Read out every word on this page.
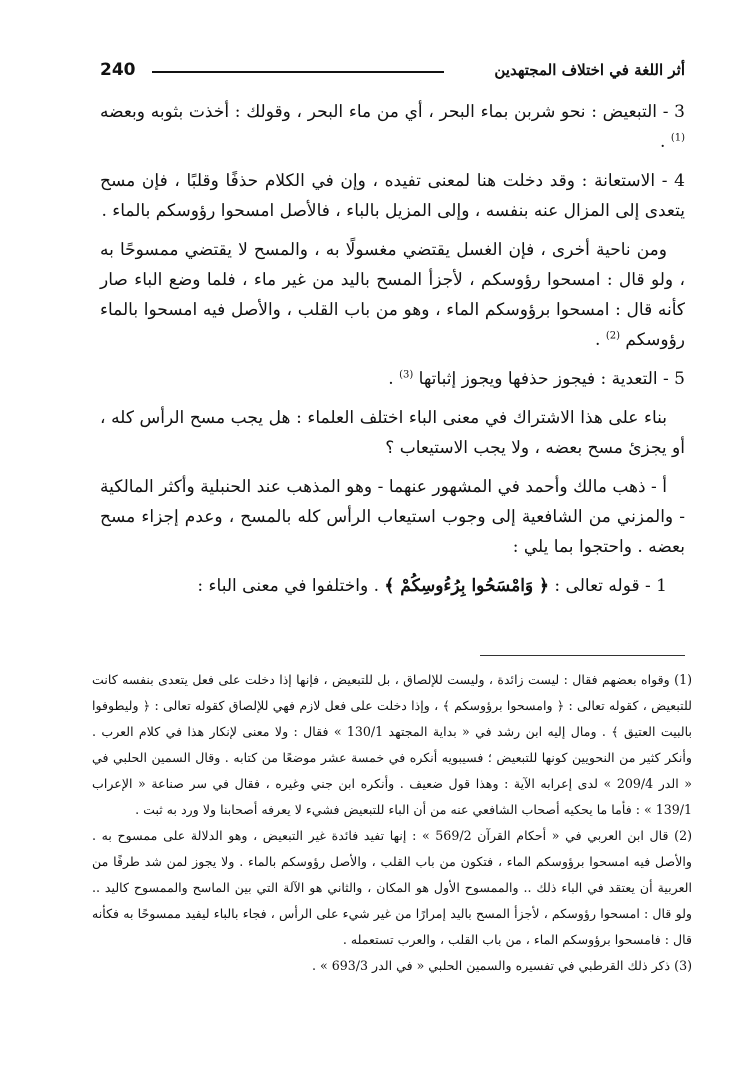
240	أثر اللغة في اختلاف المجتهدين

3 - التبعيض : نحو شربن بماء البحر ، أي من ماء البحر ، وقولك : أخذت بثوبه وبعضه $^{(1)}$ .

4 - الاستعانة : وقد دخلت هنا لمعنى تفيده ، وإن في الكلام حذفًا وقلبًا ، فإن مسح يتعدى إلى المزال عنه بنفسه ، وإلى المزيل بالباء ، فالأصل امسحوا رؤوسكم بالماء .

ومن ناحية أخرى ، فإن الغسل يقتضي مغسولًا به ، والمسح لا يقتضي ممسوحًا به ، ولو قال : امسحوا رؤوسكم ، لأجزأ المسح باليد من غير ماء ، فلما وضع الباء صار كأنه قال : امسحوا برؤوسكم الماء ، وهو من باب القلب ، والأصل فيه امسحوا بالماء رؤوسكم $^{(2)}$ .

5 - التعدية : فيجوز حذفها ويجوز إثباتها $^{(3)}$ .

بناء على هذا الاشتراك في معنى الباء اختلف العلماء : هل يجب مسح الرأس كله ، أو يجزئ مسح بعضه ، ولا يجب الاستيعاب ؟

أ - ذهب مالك وأحمد في المشهور عنهما - وهو المذهب عند الحنبلية وأكثر المالكية - والمزني من الشافعية إلى وجوب استيعاب الرأس كله بالمسح ، وعدم إجزاء مسح بعضه . واحتجوا بما يلي :

1 - قوله تعالى : ﴿ وَامْسَحُوا بِرُءُوسِكُمْ ﴾ . واختلفوا في معنى الباء :

(1) وقواه بعضهم فقال : ليست زائدة ، وليست للإلصاق ، بل للتبعيض ، فإنها إذا دخلت على فعل يتعدى بنفسه كانت للتبعيض ، كقوله تعالى : ﴿ وامسحوا برؤوسكم ﴾ ، وإذا دخلت على فعل لازم فهي للإلصاق كقوله تعالى : ﴿ وليطوفوا بالبيت العتيق ﴾ . ومال إليه ابن رشد في « بداية المجتهد 130/1 » فقال : ولا معنى لإنكار هذا في كلام العرب . وأنكر كثير من النحويين كونها للتبعيض ؛ فسيبويه أنكره في خمسة عشر موضعًا من كتابه . وقال السمين الحلبي في « الدر 209/4 » لدى إعرابه الآية : وهذا قول ضعيف . وأنكره ابن جني وغيره ، فقال في سر صناعة « الإعراب 139/1 » : فأما ما يحكيه أصحاب الشافعي عنه من أن الباء للتبعيض فشيء لا يعرفه أصحابنا ولا ورد به ثبت .

(2) قال ابن العربي في « أحكام القرآن 569/2 » : إنها تفيد فائدة غير التبعيض ، وهو الدلالة على ممسوح به . والأصل فيه امسحوا برؤوسكم الماء ، فتكون من باب القلب ، والأصل رؤوسكم بالماء . ولا يجوز لمن شد طرفًا من العربية أن يعتقد في الباء ذلك .. والممسوح الأول هو المكان ، والثاني هو الآلة التي بين الماسح والممسوح كاليد .. ولو قال : امسحوا رؤوسكم ، لأجزأ المسح باليد إمرارًا من غير شيء على الرأس ، فجاء بالباء ليفيد ممسوحًا به فكأنه قال : فامسحوا برؤوسكم الماء ، من باب القلب ، والعرب تستعمله .

(3) ذكر ذلك القرطبي في تفسيره والسمين الحلبي « في الدر 693/3 » .
